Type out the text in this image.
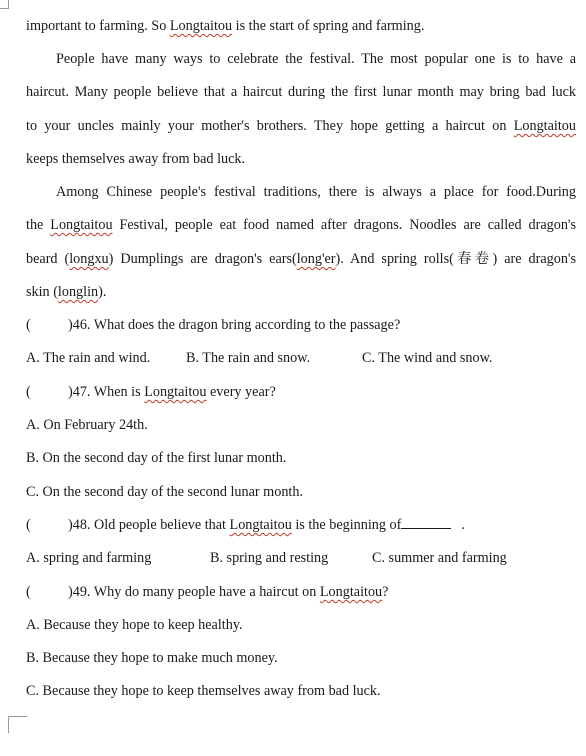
important to farming. So Longtaitou is the start of spring and farming.
People have many ways to celebrate the festival. The most popular one is to have a
haircut. Many people believe that a haircut during the first lunar month may bring bad luck
to your uncles mainly your mother's brothers. They hope getting a haircut on Longtaitou
keeps themselves away from bad luck.
Among Chinese people's festival traditions, there is always a place for food.During
the Longtaitou Festival, people eat food named after dragons. Noodles are called dragon's
beard (longxu) Dumplings are dragon's ears(long'er). And spring rolls(春卷) are dragon's
skin (longlin).
(	)46. What does the dragon bring according to the passage?
A. The rain and wind.	B. The rain and snow.	C. The wind and snow.
(	)47. When is Longtaitou every year?
A. On February 24th.
B. On the second day of the first lunar month.
C. On the second day of the second lunar month.
(	)48. Old people believe that Longtaitou is the beginning of	.
A. spring and farming	B. spring and resting	C. summer and farming
(	)49. Why do many people have a haircut on Longtaitou?
A. Because they hope to keep healthy.
B. Because they hope to make much money.
C. Because they hope to keep themselves away from bad luck.
